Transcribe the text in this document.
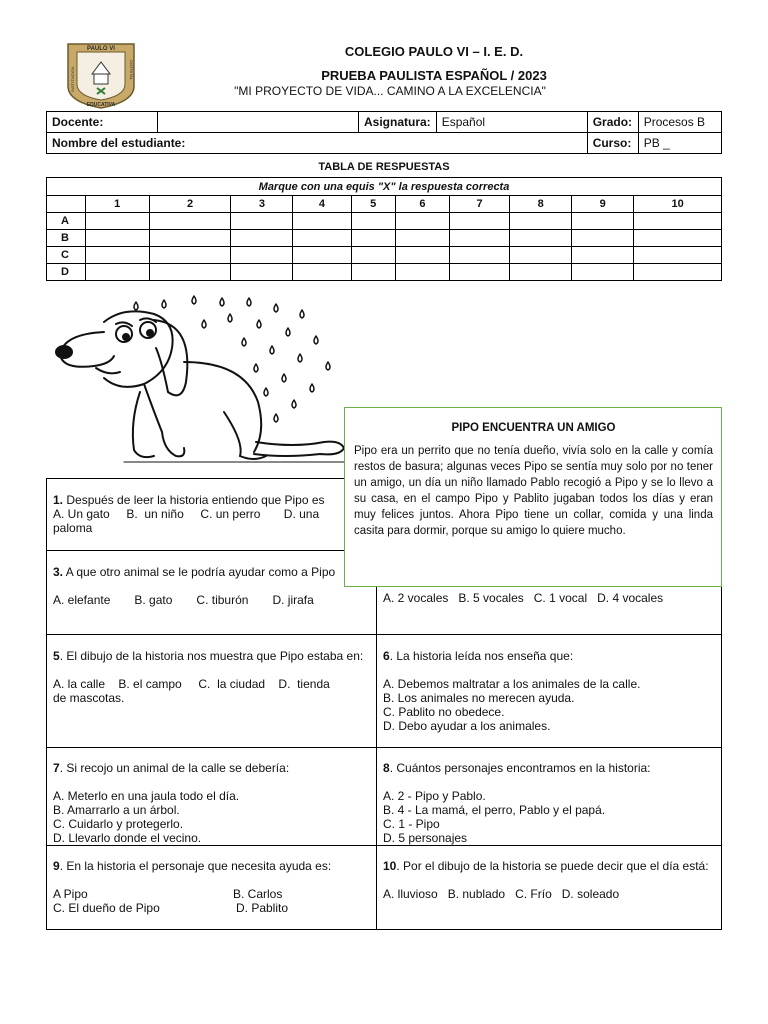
PAULO VI
EDUCATIVA
INSTITUCION	DISTRITAL
COLEGIO PAULO VI – I. E. D.
PRUEBA PAULISTA ESPAÑOL / 2023
"MI PROYECTO DE VIDA... CAMINO A LA EXCELENCIA"
Docente:		Asignatura:	Español	Grado:	Procesos B
Nombre del estudiante:				Curso:	PB _
TABLA DE RESPUESTAS
Marque con una equis "X" la respuesta correcta										
	1	2	3	4	5	6	7	8	9	10
A										
B										
C										
D										
PIPO ENCUENTRA UN AMIGO
Pipo era un perrito que no tenía dueño, vivía solo en la calle y comía restos de basura; algunas veces Pipo se sentía muy solo por no tener un amigo, un día un niño llamado Pablo recogió a Pipo y se lo llevo a su casa, en el campo Pipo y Pablito jugaban todos los días y eran muy felices juntos. Ahora Pipo tiene un collar, comida y una linda casita para dormir, porque su amigo lo quiere mucho.
1. Después de leer la historia entiendo que Pipo es
A. Un gato     B.  un niño     C. un perro       D. una
paloma
3. A que otro animal se le podría ayudar como a Pipo
A. elefante B. gato C. tiburón D. jirafa	A. 2 vocales B. 5 vocales C. 1 vocal D. 4 vocales
5. El dibujo de la historia nos muestra que Pipo estaba en:
A. la calle    B. el campo     C.  la ciudad    D.  tienda
de mascotas.
6. La historia leída nos enseña que:
A. Debemos maltratar a los animales de la calle.
B. Los animales no merecen ayuda.
C. Pablito no obedece.
D. Debo ayudar a los animales.
7. Si recojo un animal de la calle se debería:
A. Meterlo en una jaula todo el día.
B. Amarrarlo a un árbol.
C. Cuidarlo y protegerlo.
D. Llevarlo donde el vecino.
8. Cuántos personajes encontramos en la historia:
A. 2 - Pipo y Pablo.
B. 4 - La mamá, el perro, Pablo y el papá.
C. 1 - Pipo
D. 5 personajes
9. En la historia el personaje que necesita ayuda es:
A Pipo	B. Carlos
C. El dueño de Pipo	D. Pablito
10. Por el dibujo de la historia se puede decir que el día está:
A. lluvioso B. nublado C. Frío D. soleado
